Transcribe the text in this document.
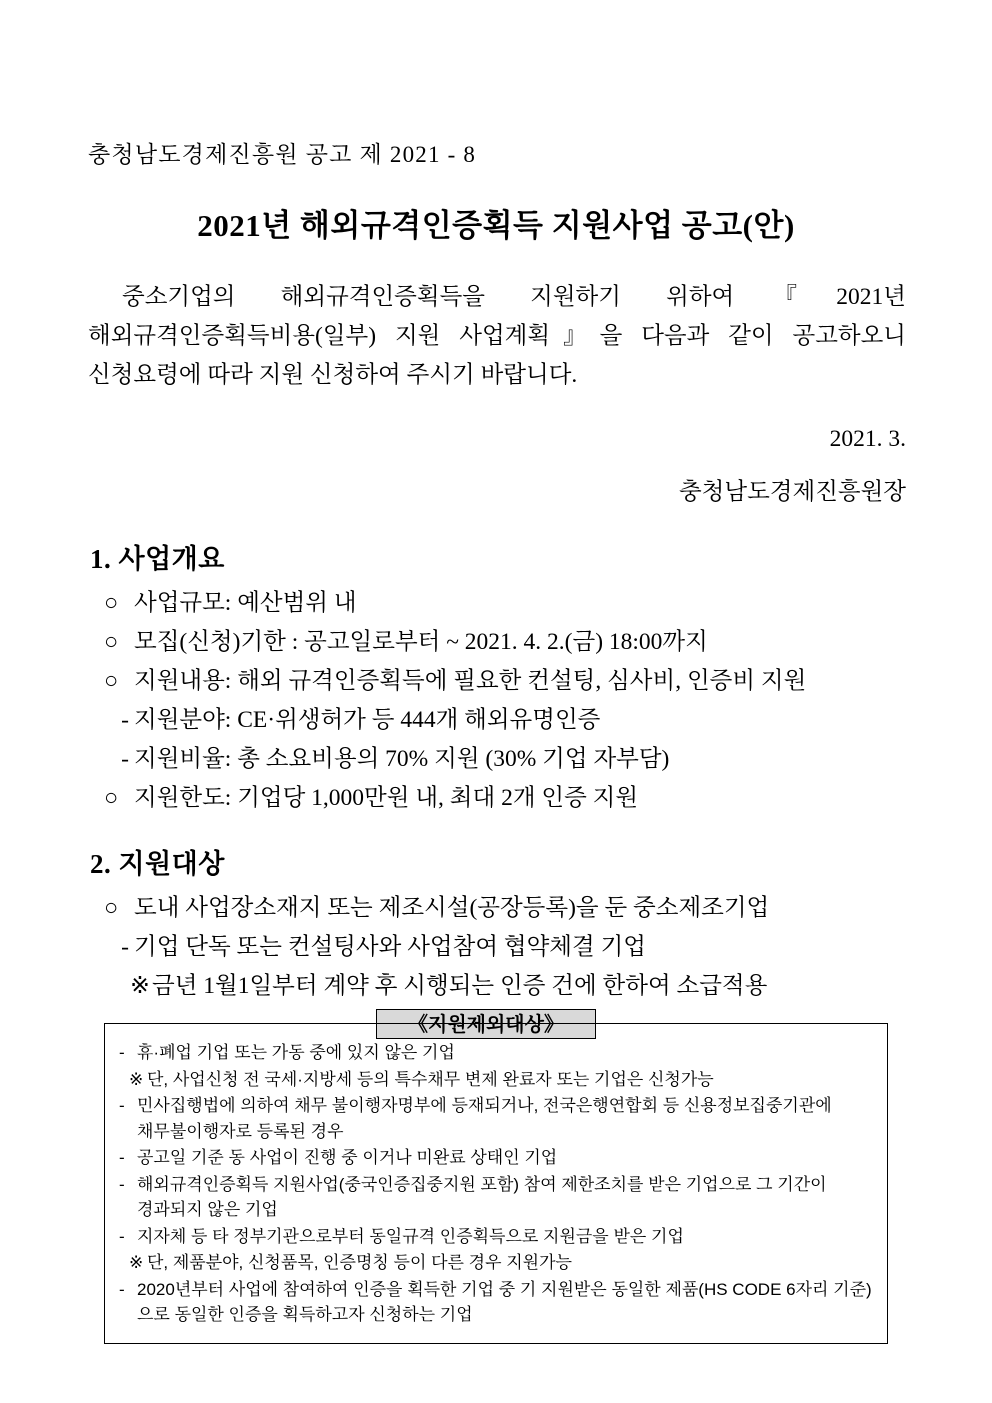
충청남도경제진흥원 공고 제 2021 - 8
2021년 해외규격인증획득 지원사업 공고(안)
중소기업의 해외규격인증획득을 지원하기 위하여『2021년 해외규격인증획득비용(일부) 지원 사업계획』을 다음과 같이 공고하오니 신청요령에 따라 지원 신청하여 주시기 바랍니다.
2021. 3.
충청남도경제진흥원장
1. 사업개요
○ 사업규모: 예산범위 내
○ 모집(신청)기한 : 공고일로부터 ~ 2021. 4. 2.(금) 18:00까지
○ 지원내용: 해외 규격인증획득에 필요한 컨설팅, 심사비, 인증비 지원
- 지원분야: CE·위생허가 등 444개 해외유명인증
- 지원비율: 총 소요비용의 70% 지원 (30% 기업 자부담)
○ 지원한도: 기업당 1,000만원 내, 최대 2개 인증 지원
2. 지원대상
○ 도내 사업장소재지 또는 제조시설(공장등록)을 둔 중소제조기업
- 기업 단독 또는 컨설팅사와 사업참여 협약체결 기업
※금년 1월1일부터 계약 후 시행되는 인증 건에 한하여 소급적용
《지원제외대상》
- 휴·폐업 기업 또는 가동 중에 있지 않은 기업
※ 단, 사업신청 전 국세·지방세 등의 특수채무 변제 완료자 또는 기업은 신청가능
- 민사집행법에 의하여 채무 불이행자명부에 등재되거나, 전국은행연합회 등 신용정보집중기관에 채무불이행자로 등록된 경우
- 공고일 기준 동 사업이 진행 중 이거나 미완료 상태인 기업
- 해외규격인증획득 지원사업(중국인증집중지원 포함) 참여 제한조치를 받은 기업으로 그 기간이 경과되지 않은 기업
- 지자체 등 타 정부기관으로부터 동일규격 인증획득으로 지원금을 받은 기업
※ 단, 제품분야, 신청품목, 인증명칭 등이 다른 경우 지원가능
- 2020년부터 사업에 참여하여 인증을 획득한 기업 중 기 지원받은 동일한 제품(HS CODE 6자리 기준)으로 동일한 인증을 획득하고자 신청하는 기업
